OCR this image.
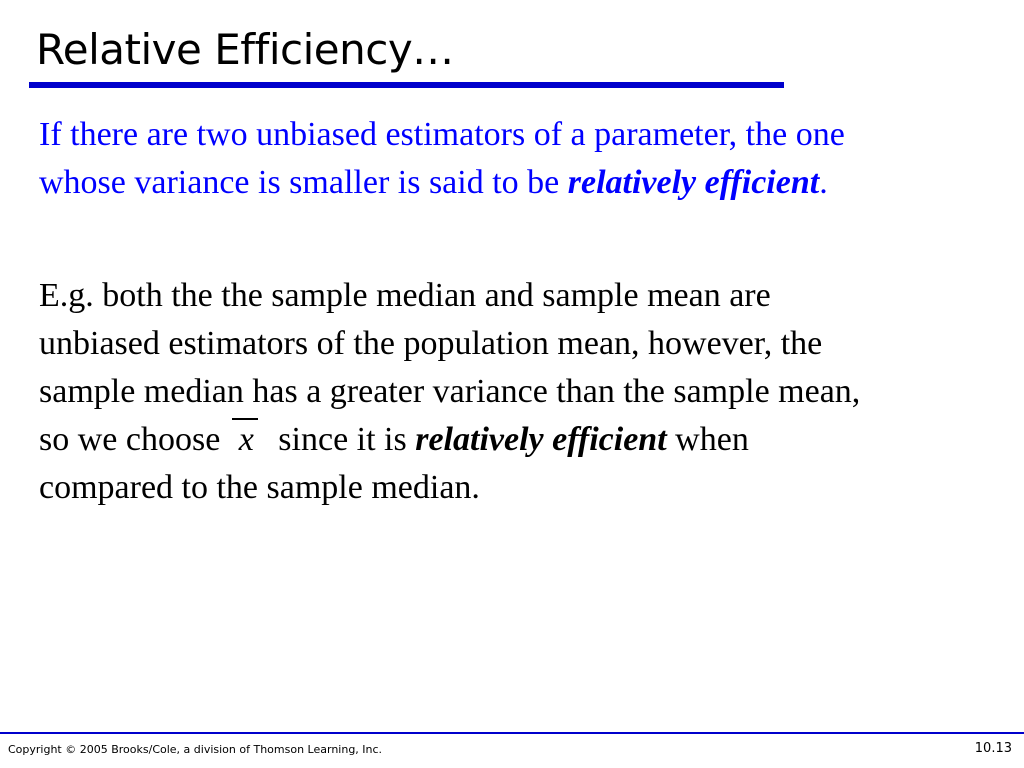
Relative Efficiency…

If there are two unbiased estimators of a parameter, the one
whose variance is smaller is said to be relatively efficient.

E.g. both the the sample median and sample mean are
unbiased estimators of the population mean, however, the
sample median has a greater variance than the sample mean,
so we choose x since it is relatively efficient when
compared to the sample median.

Copyright © 2005 Brooks/Cole, a division of Thomson Learning, Inc.	10.13
